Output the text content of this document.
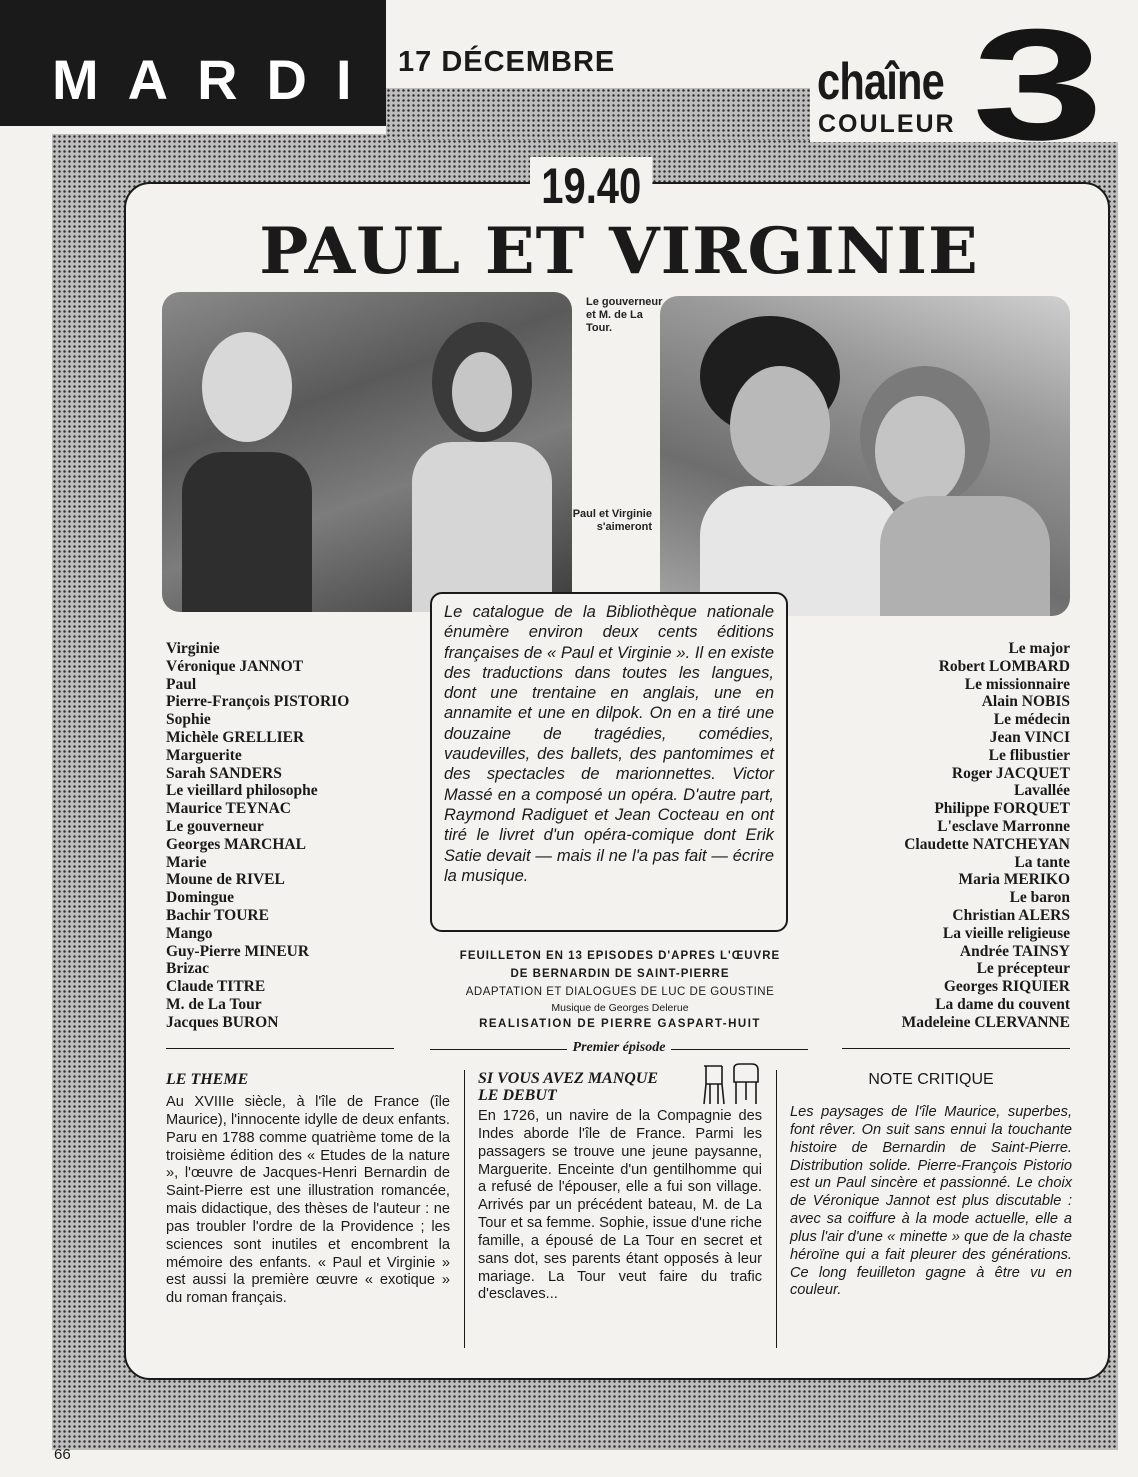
MARDI 17 DÉCEMBRE	chaîne
COULEUR 3
19.40
PAUL ET VIRGINIE
Le gouverneur et M. de La Tour.
Paul et Virginie s'aimeront

Le catalogue de la Bibliothèque nationale énumère environ deux cents éditions françaises de « Paul et Virginie ». Il en existe des traductions dans toutes les langues, dont une trentaine en anglais, une en annamite et une en dilpok. On en a tiré une douzaine de tragédies, comédies, vaudevilles, des ballets, des pantomimes et des spectacles de marionnettes. Victor Massé en a composé un opéra. D'autre part, Raymond Radiguet et Jean Cocteau en ont tiré le livret d'un opéra-comique dont Erik Satie devait — mais il ne l'a pas fait — écrire la musique.

Virginie
Véronique JANNOT
Paul
Pierre-François PISTORIO
Sophie
Michèle GRELLIER
Marguerite
Sarah SANDERS
Le vieillard philosophe
Maurice TEYNAC
Le gouverneur
Georges MARCHAL
Marie
Moune de RIVEL
Domingue
Bachir TOURE
Mango
Guy-Pierre MINEUR
Brizac
Claude TITRE
M. de La Tour
Jacques BURON
Le major
Robert LOMBARD
Le missionnaire
Alain NOBIS
Le médecin
Jean VINCI
Le flibustier
Roger JACQUET
Lavallée
Philippe FORQUET
L'esclave Marronne
Claudette NATCHEYAN
La tante
Maria MERIKO
Le baron
Christian ALERS
La vieille religieuse
Andrée TAINSY
Le précepteur
Georges RIQUIER
La dame du couvent
Madeleine CLERVANNE
FEUILLETON EN 13 EPISODES D'APRES L'ŒUVRE
DE BERNARDIN DE SAINT-PIERRE
ADAPTATION ET DIALOGUES DE LUC DE GOUSTINE
Musique de Georges Delerue
REALISATION DE PIERRE GASPART-HUIT
Premier épisode
LE THEME

Au XVIIIe siècle, à l'île de France (île Maurice), l'innocente idylle de deux enfants. Paru en 1788 comme quatrième tome de la troisième édition des « Etudes de la nature », l'œuvre de Jacques-Henri Bernardin de Saint-Pierre est une illustration romancée, mais didactique, des thèses de l'auteur : ne pas troubler l'ordre de la Providence ; les sciences sont inutiles et encombrent la mémoire des enfants. « Paul et Virginie » est aussi la première œuvre « exotique » du roman français.

SI VOUS AVEZ MANQUE LE DEBUT

En 1726, un navire de la Compagnie des Indes aborde l'île de France. Parmi les passagers se trouve une jeune paysanne, Marguerite. Enceinte d'un gentilhomme qui a refusé de l'épouser, elle a fui son village. Arrivés par un précédent bateau, M. de La Tour et sa femme. Sophie, issue d'une riche famille, a épousé de La Tour en secret et sans dot, ses parents étant opposés à leur mariage. La Tour veut faire du trafic d'esclaves...

NOTE CRITIQUE

Les paysages de l'île Maurice, superbes, font rêver. On suit sans ennui la touchante histoire de Bernardin de Saint-Pierre. Distribution solide. Pierre-François Pistorio est un Paul sincère et passionné. Le choix de Véronique Jannot est plus discutable : avec sa coiffure à la mode actuelle, elle a plus l'air d'une « minette » que de la chaste héroïne qui a fait pleurer des générations. Ce long feuilleton gagne à être vu en couleur.

66
